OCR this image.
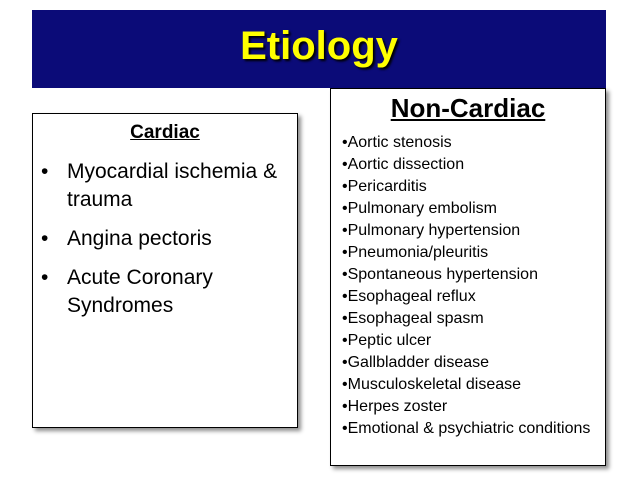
Etiology
Cardiac
• Myocardial ischemia & trauma
• Angina pectoris
• Acute Coronary Syndromes
Non-Cardiac
•Aortic stenosis
•Aortic dissection
•Pericarditis
•Pulmonary embolism
•Pulmonary hypertension
•Pneumonia/pleuritis
•Spontaneous hypertension
•Esophageal reflux
•Esophageal spasm
•Peptic ulcer
•Gallbladder disease
•Musculoskeletal disease
•Herpes zoster
•Emotional & psychiatric conditions
